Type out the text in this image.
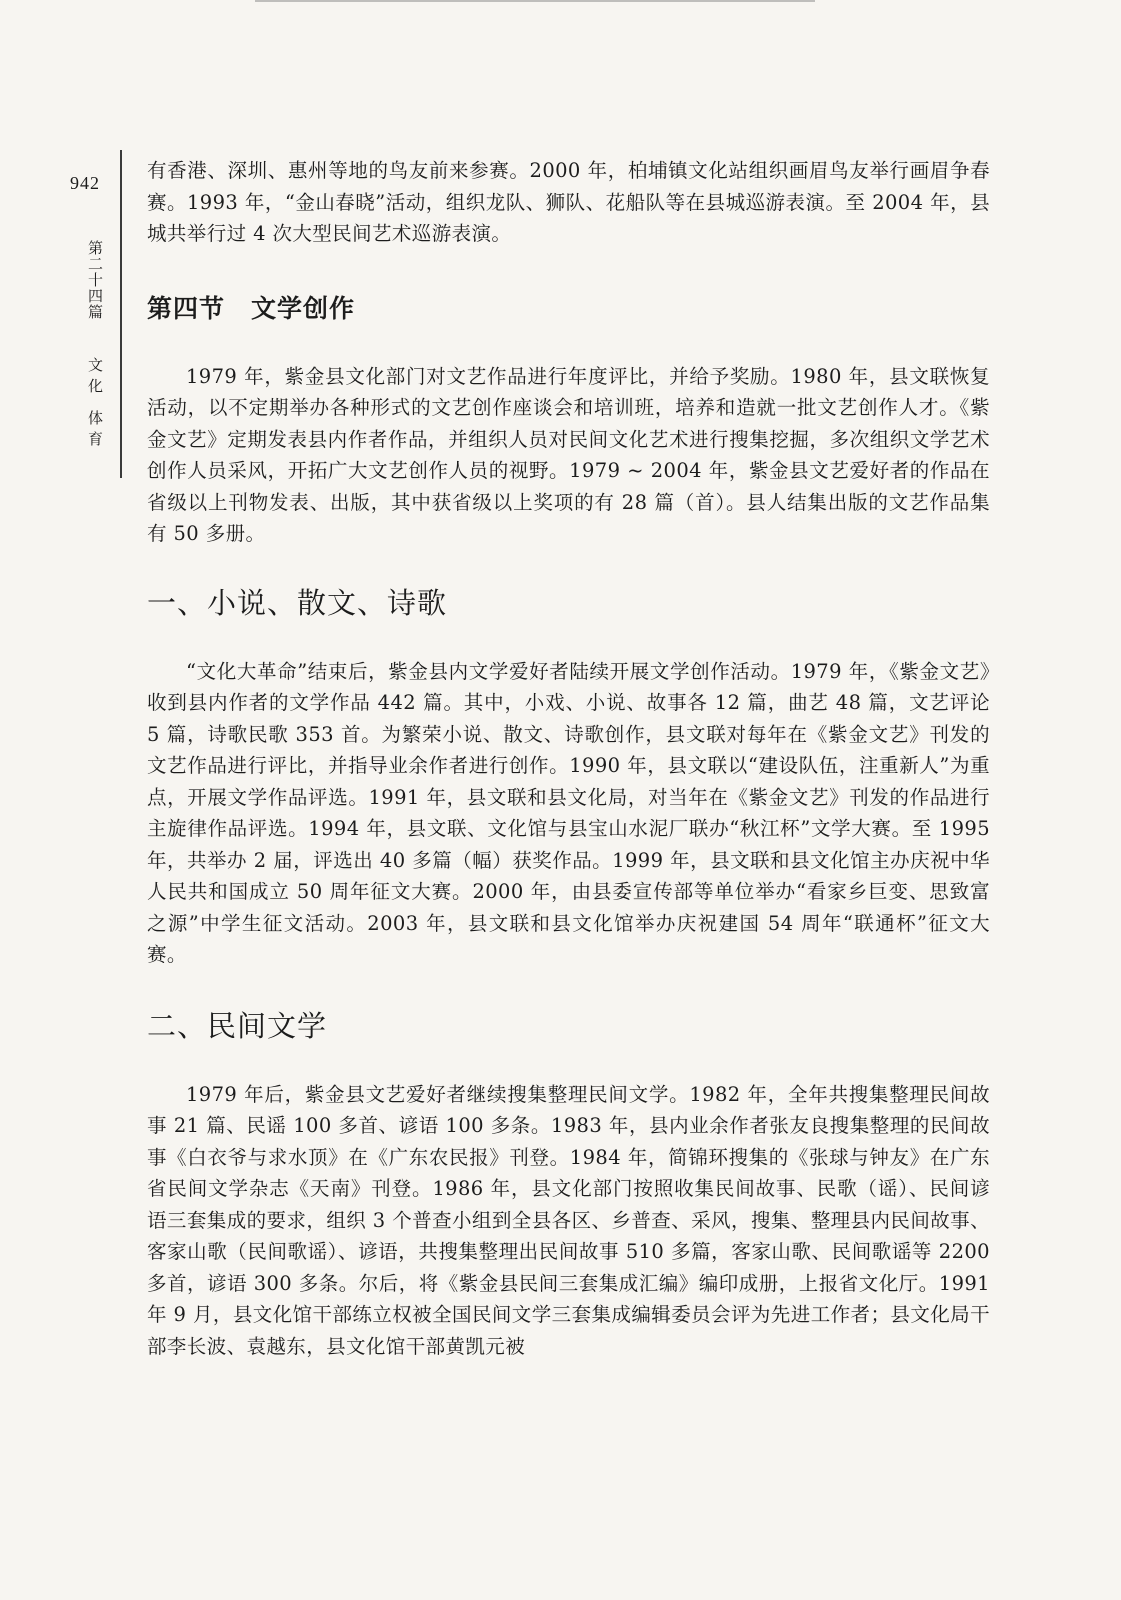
942
第二十四篇
文化 体育

有香港、深圳、惠州等地的鸟友前来参赛。2000 年，柏埔镇文化站组织画眉鸟友举行画眉争春赛。1993 年，“金山春晓”活动，组织龙队、狮队、花船队等在县城巡游表演。至 2004 年，县城共举行过 4 次大型民间艺术巡游表演。

第四节　文学创作

1979 年，紫金县文化部门对文艺作品进行年度评比，并给予奖励。1980 年，县文联恢复活动，以不定期举办各种形式的文艺创作座谈会和培训班，培养和造就一批文艺创作人才。《紫金文艺》定期发表县内作者作品，并组织人员对民间文化艺术进行搜集挖掘，多次组织文学艺术创作人员采风，开拓广大文艺创作人员的视野。1979 ~ 2004 年，紫金县文艺爱好者的作品在省级以上刊物发表、出版，其中获省级以上奖项的有 28 篇（首）。县人结集出版的文艺作品集有 50 多册。

一、小说、散文、诗歌

“文化大革命”结束后，紫金县内文学爱好者陆续开展文学创作活动。1979 年，《紫金文艺》收到县内作者的文学作品 442 篇。其中，小戏、小说、故事各 12 篇，曲艺 48 篇，文艺评论 5 篇，诗歌民歌 353 首。为繁荣小说、散文、诗歌创作，县文联对每年在《紫金文艺》刊发的文艺作品进行评比，并指导业余作者进行创作。1990 年，县文联以“建设队伍，注重新人”为重点，开展文学作品评选。1991 年，县文联和县文化局，对当年在《紫金文艺》刊发的作品进行主旋律作品评选。1994 年，县文联、文化馆与县宝山水泥厂联办“秋江杯”文学大赛。至 1995 年，共举办 2 届，评选出 40 多篇（幅）获奖作品。1999 年，县文联和县文化馆主办庆祝中华人民共和国成立 50 周年征文大赛。2000 年，由县委宣传部等单位举办“看家乡巨变、思致富之源”中学生征文活动。2003 年，县文联和县文化馆举办庆祝建国 54 周年“联通杯”征文大赛。

二、民间文学

1979 年后，紫金县文艺爱好者继续搜集整理民间文学。1982 年，全年共搜集整理民间故事 21 篇、民谣 100 多首、谚语 100 多条。1983 年，县内业余作者张友良搜集整理的民间故事《白衣爷与求水顶》在《广东农民报》刊登。1984 年，简锦环搜集的《张球与钟友》在广东省民间文学杂志《天南》刊登。1986 年，县文化部门按照收集民间故事、民歌（谣）、民间谚语三套集成的要求，组织 3 个普查小组到全县各区、乡普查、采风，搜集、整理县内民间故事、客家山歌（民间歌谣）、谚语，共搜集整理出民间故事 510 多篇，客家山歌、民间歌谣等 2200 多首，谚语 300 多条。尔后，将《紫金县民间三套集成汇编》编印成册，上报省文化厅。1991 年 9 月，县文化馆干部练立权被全国民间文学三套集成编辑委员会评为先进工作者；县文化局干部李长波、袁越东，县文化馆干部黄凯元被
